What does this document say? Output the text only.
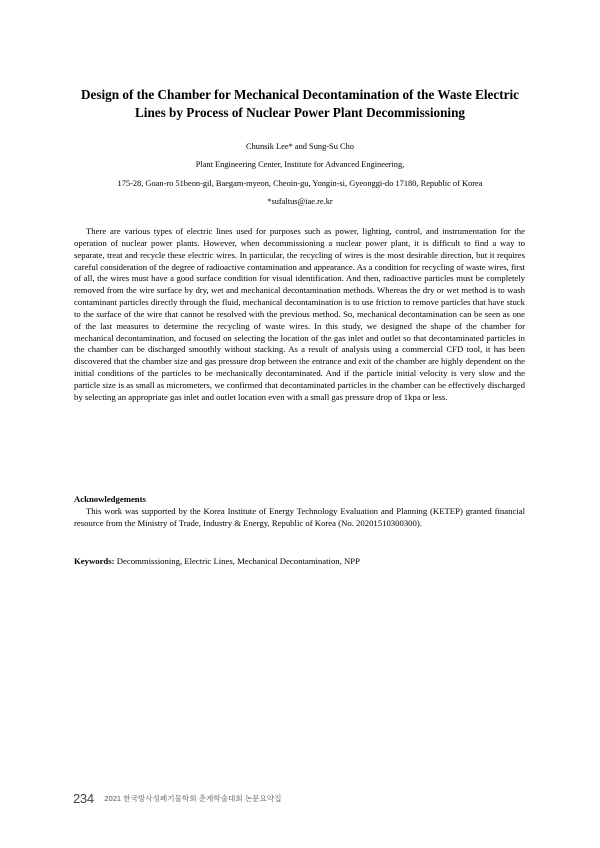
Design of the Chamber for Mechanical Decontamination of the Waste Electric
Lines by Process of Nuclear Power Plant Decommissioning
Chunsik Lee* and Sung-Su Cho
Plant Engineering Center, Institute for Advanced Engineering,
175-28, Goan-ro 51beon-gil, Baegam-myeon, Cheoin-gu, Yongin-si, Gyeonggi-do 17180, Republic of Korea
*sufaltus@iae.re.kr

There are various types of electric lines used for purposes such as power, lighting, control, and instrumentation for the operation of nuclear power plants. However, when decommissioning a nuclear power plant, it is difficult to find a way to separate, treat and recycle these electric wires. In particular, the recycling of wires is the most desirable direction, but it requires careful consideration of the degree of radioactive contamination and appearance. As a condition for recycling of waste wires, first of all, the wires must have a good surface condition for visual identification. And then, radioactive particles must be completely removed from the wire surface by dry, wet and mechanical decontamination methods. Whereas the dry or wet method is to wash contaminant particles directly through the fluid, mechanical decontamination is to use friction to remove particles that have stuck to the surface of the wire that cannot be resolved with the previous method. So, mechanical decontamination can be seen as one of the last measures to determine the recycling of waste wires. In this study, we designed the shape of the chamber for mechanical decontamination, and focused on selecting the location of the gas inlet and outlet so that decontaminated particles in the chamber can be discharged smoothly without stacking. As a result of analysis using a commercial CFD tool, it has been discovered that the chamber size and gas pressure drop between the entrance and exit of the chamber are highly dependent on the initial conditions of the particles to be mechanically decontaminated. And if the particle initial velocity is very slow and the particle size is as small as micrometers, we confirmed that decontaminated particles in the chamber can be effectively discharged by selecting an appropriate gas inlet and outlet location even with a small gas pressure drop of 1kpa or less.

Acknowledgements

This work was supported by the Korea Institute of Energy Technology Evaluation and Planning (KETEP) granted financial resource from the Ministry of Trade, Industry & Energy, Republic of Korea (No. 20201510300300).

Keywords: Decommissioning, Electric Lines, Mechanical Decontamination, NPP
234 2021 한국방사성폐기물학회 춘계학술대회 논문요약집
